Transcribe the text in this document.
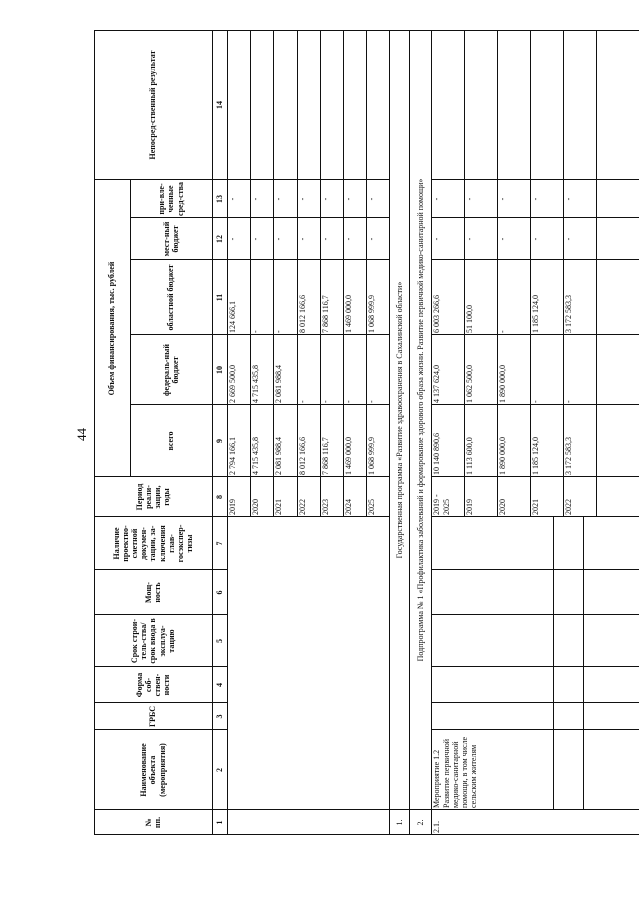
44
№ пп.
Наименование объекта (мероприятия)
ГРБС
Форма соб-ствен-ности
Срок строи-тель-ства/срок ввода в эксплуа-тацию
Мощ-ность
Наличие проектно-сметной докумен-тации, за-ключения глав-госэкспер-тизы
Период реали-зации, годы
Объем финансирования, тыс. рублей
всего
федераль-ный бюджет
областной бюджет
мест-ный бюджет
при-вле-ченные сред-ства
Непосред-ственный результат
1
2
3
4
5
6
7
8
9
10
11
12
13
14
2019
2 794 166,1
2 669 500,0
124 666,1
-
-
2020
4 715 435,8
4 715 435,8
-
-
-
2021
2 081 988,4
2 081 988,4
-
-
-
2022
8 012 166,6
-
8 012 166,6
-
-
2023
7 868 116,7
-
7 868 116,7
-
-
2024
1 469 000,0
-
1 469 000,0
-
-
2025
1 068 999,9
-
1 068 999,9
-
-
1.
Государственная программа «Развитие здравоохранения в Сахалинской области»
2.
Подпрограмма № 1 «Профилактика заболеваний и формирование здорового образа жизни. Развитие первичной медико-санитарной помощи» 2019 - 2025
10 140 890,6
4 137 624,0
6 003 266,6
-
-
2019
1 113 600,0
1 062 500,0
51 100,0
-
-
2020
1 890 000,0
1 890 000,0
-
-
-
2021
1 185 124,0
-
1 185 124,0
-
-
2022
3 172 583,3
-
3 172 583,3
-
-
2.1.
Мероприятие 1.2 Развитие первичной медико-санитарной помощи, в том числе сельским жителям
